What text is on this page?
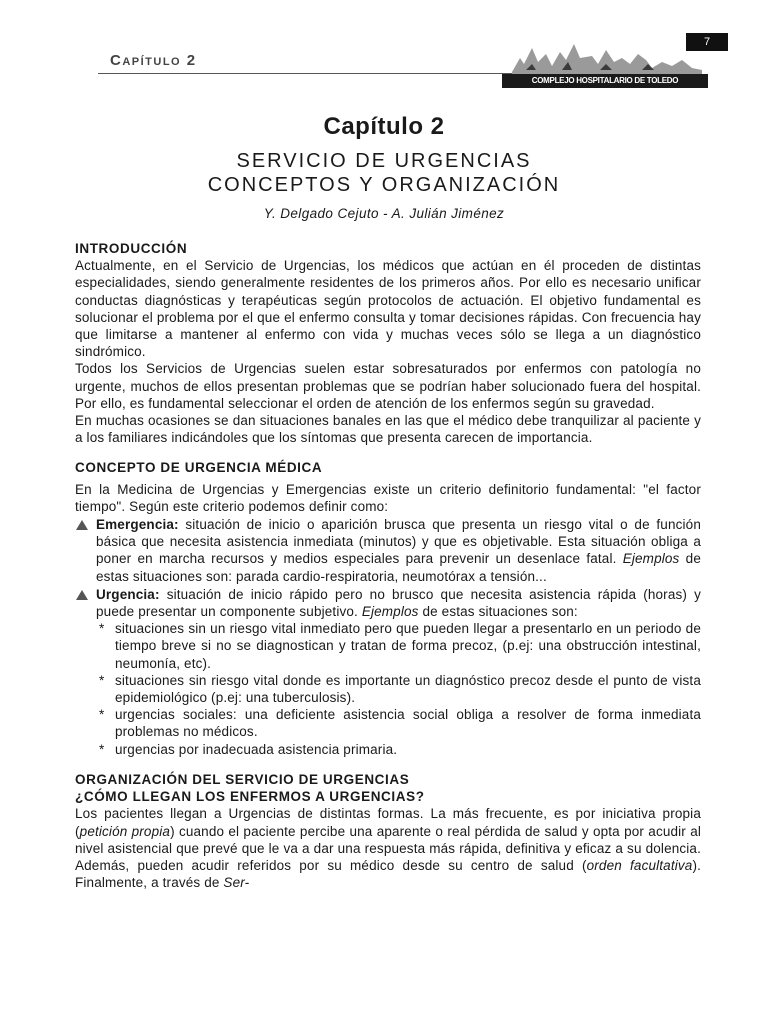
Capítulo 2
COMPLEJO HOSPITALARIO DE TOLEDO
7
Capítulo 2
SERVICIO DE URGENCIAS
CONCEPTOS Y ORGANIZACIÓN
Y. Delgado Cejuto - A. Julián Jiménez

INTRODUCCIÓN

Actualmente, en el Servicio de Urgencias, los médicos que actúan en él proceden de distintas especialidades, siendo generalmente residentes de los primeros años. Por ello es necesario unificar conductas diagnósticas y terapéuticas según protocolos de actuación. El objetivo fundamental es solucionar el problema por el que el enfermo consulta y tomar decisiones rápidas. Con frecuencia hay que limitarse a mantener al enfermo con vida y muchas veces sólo se llega a un diagnóstico sindrómico.

Todos los Servicios de Urgencias suelen estar sobresaturados por enfermos con patología no urgente, muchos de ellos presentan problemas que se podrían haber solucionado fuera del hospital. Por ello, es fundamental seleccionar el orden de atención de los enfermos según su gravedad.

En muchas ocasiones se dan situaciones banales en las que el médico debe tranquilizar al paciente y a los familiares indicándoles que los síntomas que presenta carecen de importancia.

CONCEPTO DE URGENCIA MÉDICA

En la Medicina de Urgencias y Emergencias existe un criterio definitorio fundamental: "el factor tiempo". Según este criterio podemos definir como:

Emergencia: situación de inicio o aparición brusca que presenta un riesgo vital o de función básica que necesita asistencia inmediata (minutos) y que es objetivable. Esta situación obliga a poner en marcha recursos y medios especiales para prevenir un desenlace fatal. Ejemplos de estas situaciones son: parada cardio-respiratoria, neumotórax a tensión...
Urgencia: situación de inicio rápido pero no brusco que necesita asistencia rápida (horas) y puede presentar un componente subjetivo. Ejemplos de estas situaciones son:
* situaciones sin un riesgo vital inmediato pero que pueden llegar a presentarlo en un periodo de tiempo breve si no se diagnostican y tratan de forma precoz, (p.ej: una obstrucción intestinal, neumonía, etc).
* situaciones sin riesgo vital donde es importante un diagnóstico precoz desde el punto de vista epidemiológico (p.ej: una tuberculosis).
* urgencias sociales: una deficiente asistencia social obliga a resolver de forma inmediata problemas no médicos.
* urgencias por inadecuada asistencia primaria.

ORGANIZACIÓN DEL SERVICIO DE URGENCIAS

¿CÓMO LLEGAN LOS ENFERMOS A URGENCIAS?

Los pacientes llegan a Urgencias de distintas formas. La más frecuente, es por iniciativa propia (petición propia) cuando el paciente percibe una aparente o real pérdida de salud y opta por acudir al nivel asistencial que prevé que le va a dar una respuesta más rápida, definitiva y eficaz a su dolencia. Además, pueden acudir referidos por su médico desde su centro de salud (orden facultativa). Finalmente, a través de Ser-
